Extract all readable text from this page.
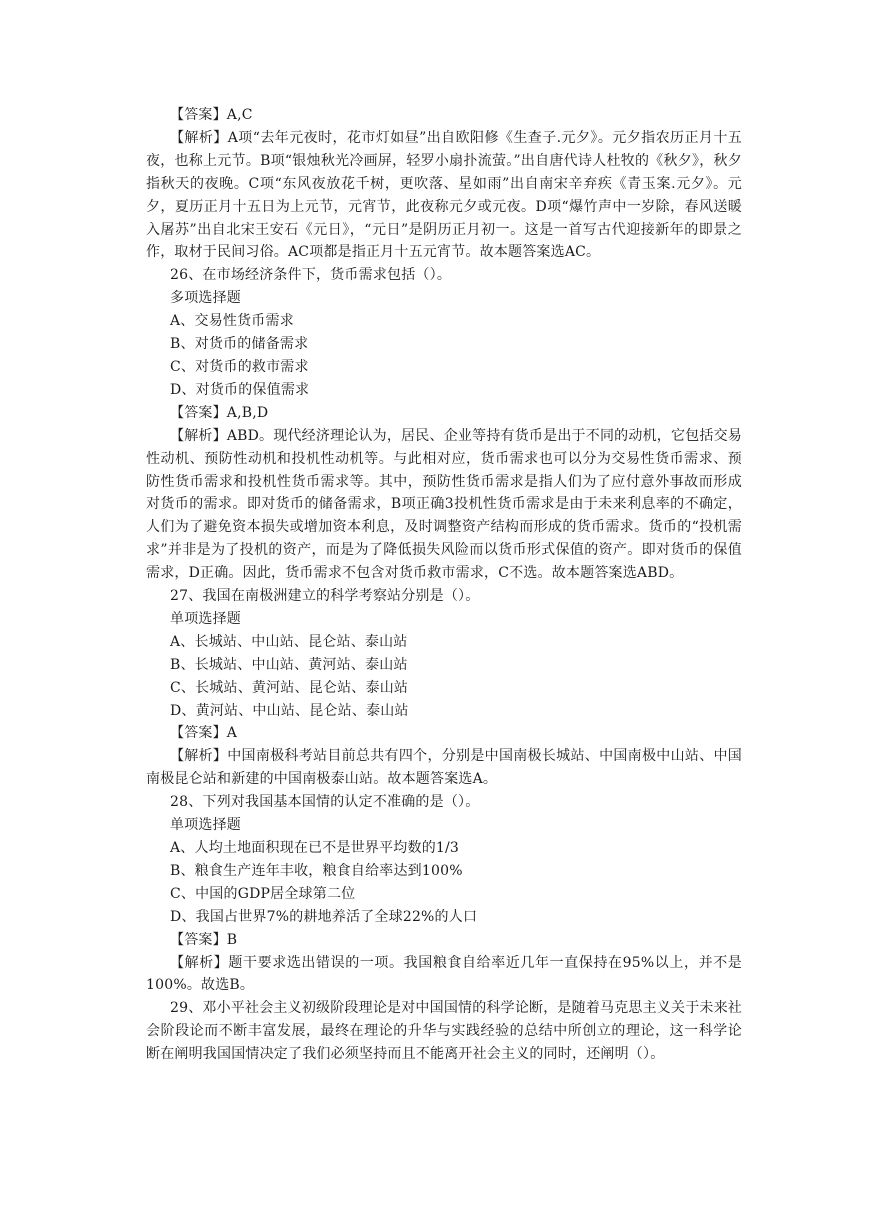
【答案】A,C

【解析】A项“去年元夜时，花市灯如昼”出自欧阳修《生查子.元夕》。元夕指农历正月十五夜，也称上元节。B项“银烛秋光冷画屏，轻罗小扇扑流萤。”出自唐代诗人杜牧的《秋夕》，秋夕指秋天的夜晚。C项“东风夜放花千树，更吹落、星如雨”出自南宋辛弃疾《青玉案.元夕》。元夕，夏历正月十五日为上元节，元宵节，此夜称元夕或元夜。D项“爆竹声中一岁除，春风送暖入屠苏”出自北宋王安石《元日》，“元日”是阴历正月初一。这是一首写古代迎接新年的即景之作，取材于民间习俗。AC项都是指正月十五元宵节。故本题答案选AC。

26、在市场经济条件下，货币需求包括（）。

多项选择题

A、交易性货币需求

B、对货币的储备需求

C、对货币的救市需求

D、对货币的保值需求

【答案】A,B,D

【解析】ABD。现代经济理论认为，居民、企业等持有货币是出于不同的动机，它包括交易性动机、预防性动机和投机性动机等。与此相对应，货币需求也可以分为交易性货币需求、预防性货币需求和投机性货币需求等。其中，预防性货币需求是指人们为了应付意外事故而形成对货币的需求。即对货币的储备需求，B项正确3投机性货币需求是由于未来利息率的不确定，人们为了避免资本损失或增加资本利息，及时调整资产结构而形成的货币需求。货币的“投机需求”并非是为了投机的资产，而是为了降低损失风险而以货币形式保值的资产。即对货币的保值需求，D正确。因此，货币需求不包含对货币救市需求，C不选。故本题答案选ABD。

27、我国在南极洲建立的科学考察站分别是（）。

单项选择题

A、长城站、中山站、昆仑站、泰山站

B、长城站、中山站、黄河站、泰山站

C、长城站、黄河站、昆仑站、泰山站

D、黄河站、中山站、昆仑站、泰山站

【答案】A

【解析】中国南极科考站目前总共有四个，分别是中国南极长城站、中国南极中山站、中国南极昆仑站和新建的中国南极泰山站。故本题答案选A。

28、下列对我国基本国情的认定不准确的是（）。

单项选择题

A、人均土地面积现在已不是世界平均数的1/3

B、粮食生产连年丰收，粮食自给率达到100%

C、中国的GDP居全球第二位

D、我国占世界7%的耕地养活了全球22%的人口

【答案】B

【解析】题干要求选出错误的一项。我国粮食自给率近几年一直保持在95%以上，并不是100%。故选B。

29、邓小平社会主义初级阶段理论是对中国国情的科学论断，是随着马克思主义关于未来社会阶段论而不断丰富发展，最终在理论的升华与实践经验的总结中所创立的理论，这一科学论断在阐明我国国情决定了我们必须坚持而且不能离开社会主义的同时，还阐明（）。
